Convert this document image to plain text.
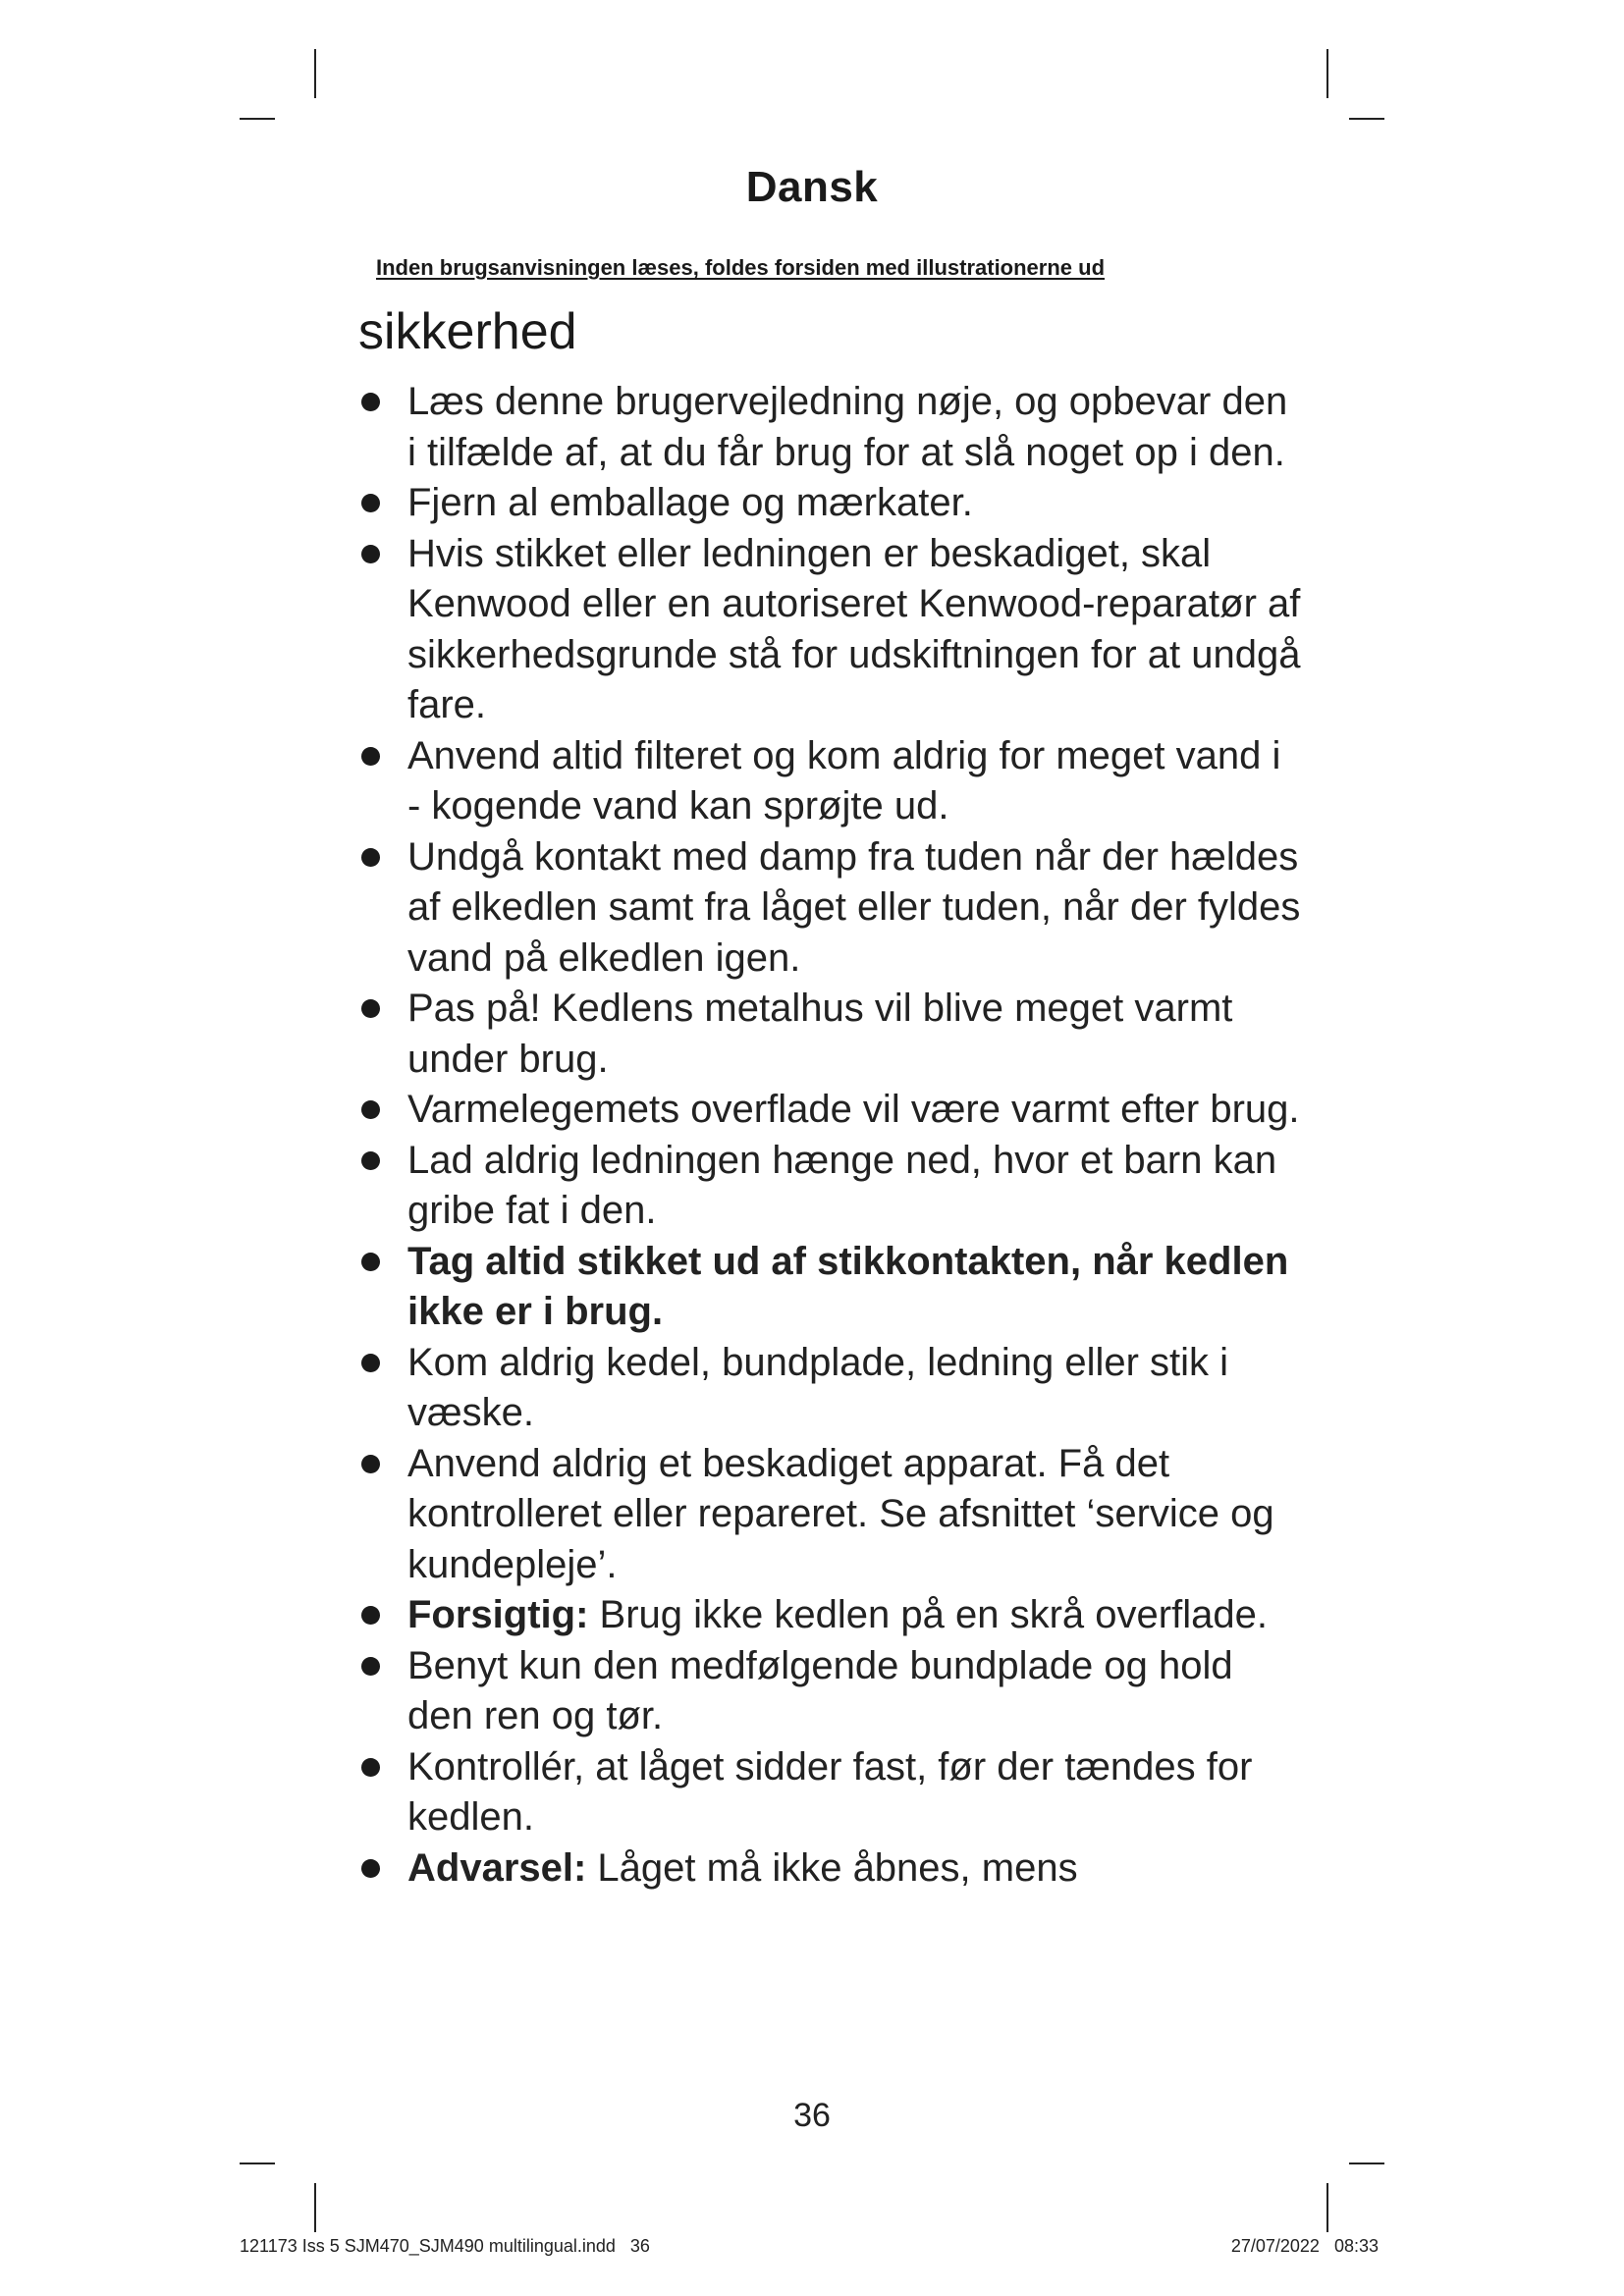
Dansk
Inden brugsanvisningen læses, foldes forsiden med illustrationerne ud
sikkerhed
Læs denne brugervejledning nøje, og opbevar den i tilfælde af, at du får brug for at slå noget op i den.
Fjern al emballage og mærkater.
Hvis stikket eller ledningen er beskadiget, skal Kenwood eller en autoriseret Kenwood-reparatør af sikkerhedsgrunde stå for udskiftningen for at undgå fare.
Anvend altid filteret og kom aldrig for meget vand i - kogende vand kan sprøjte ud.
Undgå kontakt med damp fra tuden når der hældes af elkedlen samt fra låget eller tuden, når der fyldes vand på elkedlen igen.
Pas på! Kedlens metalhus vil blive meget varmt under brug.
Varmelegemets overflade vil være varmt efter brug.
Lad aldrig ledningen hænge ned, hvor et barn kan gribe fat i den.
Tag altid stikket ud af stikkontakten, når kedlen ikke er i brug.
Kom aldrig kedel, bundplade, ledning eller stik i væske.
Anvend aldrig et beskadiget apparat. Få det kontrolleret eller repareret. Se afsnittet ‘service og kundepleje’.
Forsigtig: Brug ikke kedlen på en skrå overflade.
Benyt kun den medfølgende bundplade og hold den ren og tør.
Kontrollér, at låget sidder fast, før der tændes for kedlen.
Advarsel: Låget må ikke åbnes, mens
36
121173 Iss 5 SJM470_SJM490 multilingual.indd   36	27/07/2022   08:33
